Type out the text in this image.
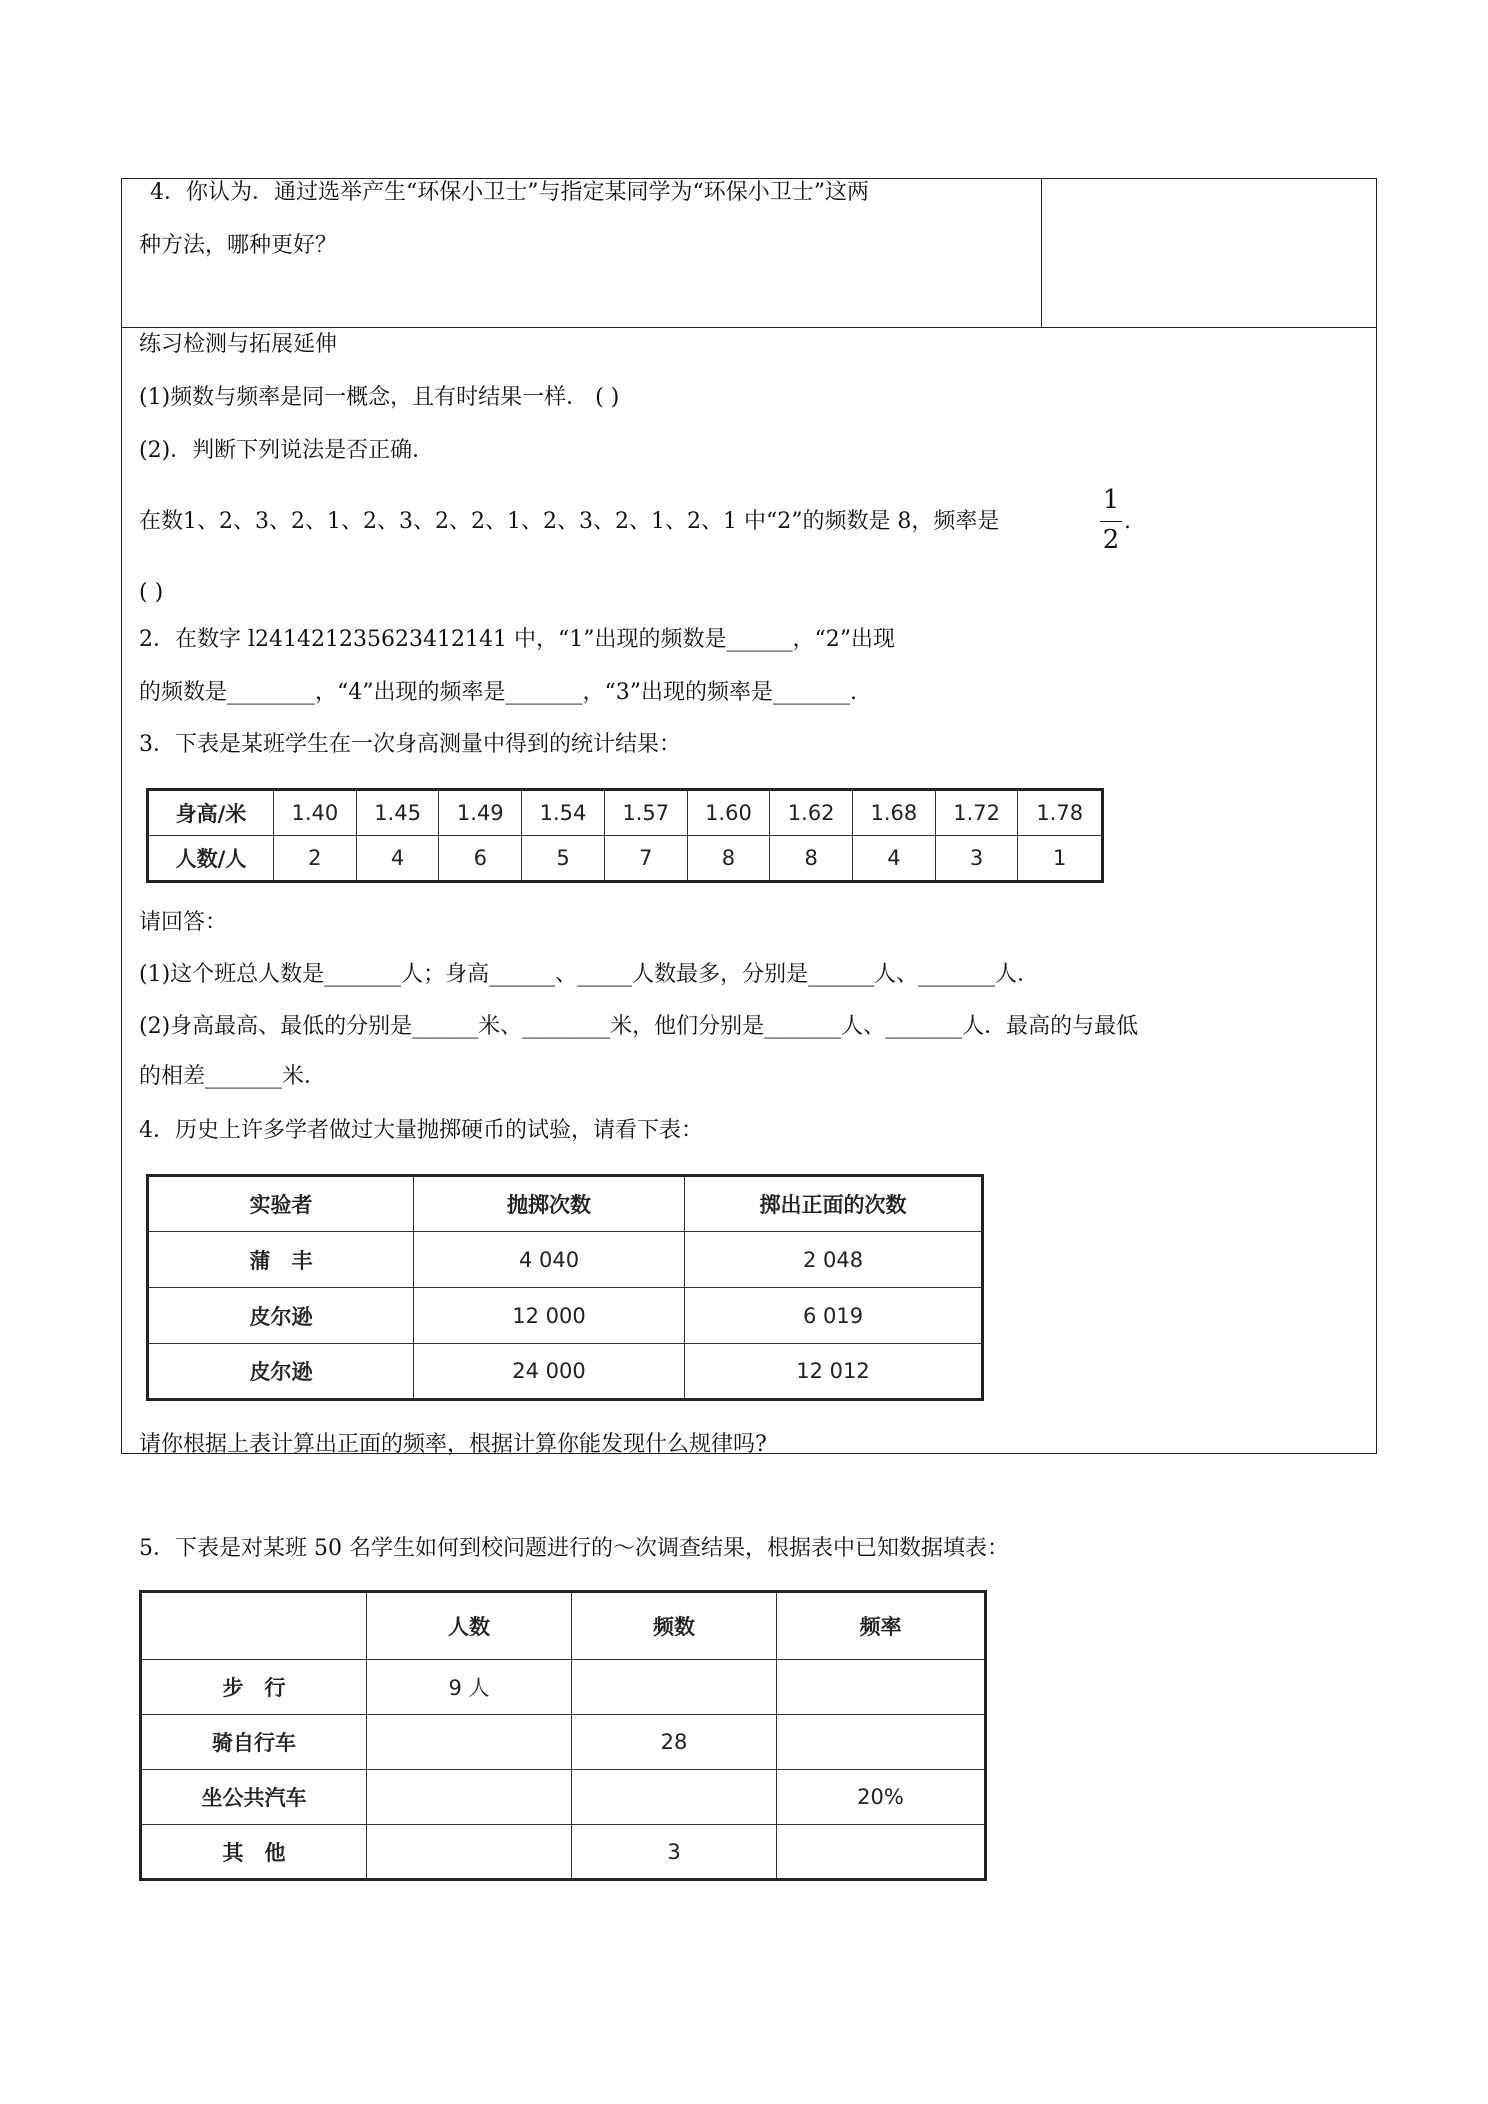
4．你认为．通过选举产生“环保小卫士”与指定某同学为“环保小卫士”这两
种方法，哪种更好？
练习检测与拓展延伸
(1)频数与频率是同一概念，且有时结果一样． ( )
(2)．判断下列说法是否正确．
在数1、2、3、2、1、2、3、2、2、1、2、3、2、1、2、1 中“2”的频数是 8，频率是
1
2
.
( )
2．在数字 l241421235623412141 中，“1”出现的频数是______，“2”出现
的频数是________，“4”出现的频率是_______，“3”出现的频率是_______.
3．下表是某班学生在一次身高测量中得到的统计结果：
身高/米	1.40	1.45	1.49	1.54	1.57	1.60	1.62	1.68	1.72	1.78
人数/人	2	4	6	5	7	8	8	4	3	1
请回答：
(1)这个班总人数是_______人；身高______、_____人数最多，分别是______人、_______人．
(2)身高最高、最低的分别是______米、________米，他们分别是_______人、_______人．最高的与最低
的相差_______米．
4．历史上许多学者做过大量抛掷硬币的试验，请看下表：
实验者	抛掷次数	掷出正面的次数
蒲　丰	4 040	2 048
皮尔逊	12 000	6 019
皮尔逊	24 000	12 012
请你根据上表计算出正面的频率，根据计算你能发现什么规律吗?
5．下表是对某班 50 名学生如何到校问题进行的～次调查结果，根据表中已知数据填表：
	人数	频数	频率
步　行	9 人		
骑自行车		28	
坐公共汽车			20%
其　他		3	
